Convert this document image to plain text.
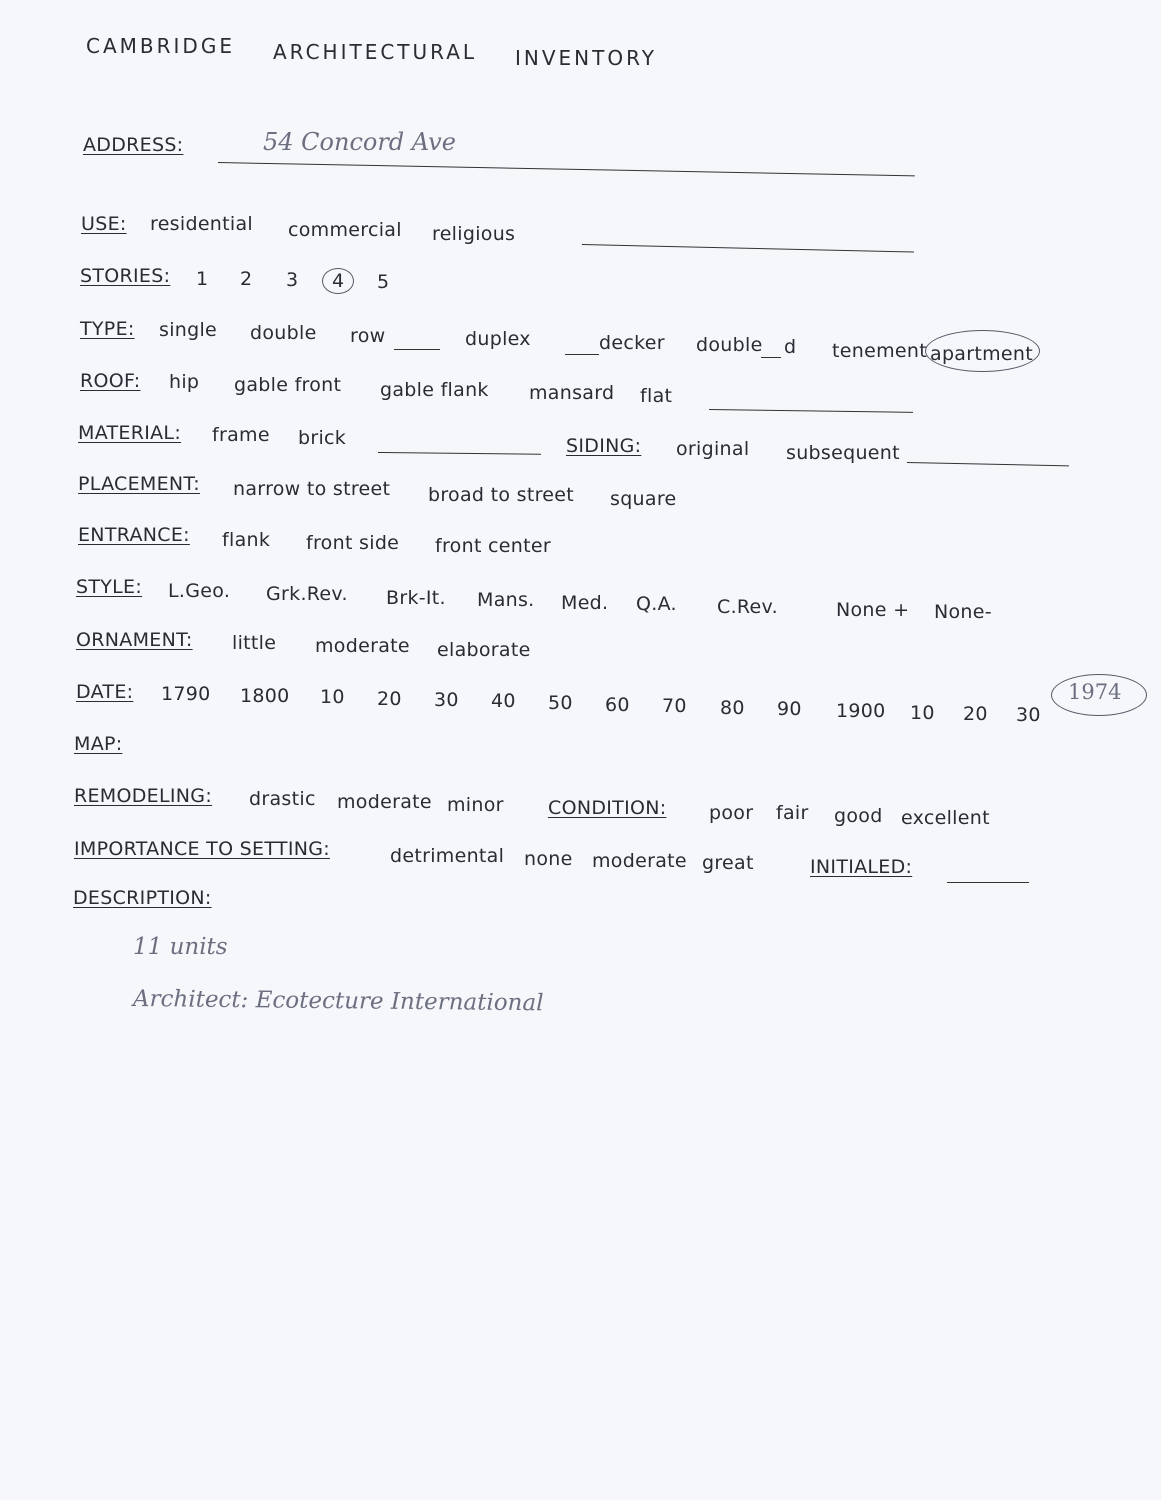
CAMBRIDGE ARCHITECTURAL INVENTORY
ADDRESS:	54 Concord Ave
USE: residential commercial religious
STORIES: 1 2 3 4 5
TYPE: single double row	duplex	decker double d tenement apartment
ROOF: hip gable front gable flank mansard flat
MATERIAL: frame brick	SIDING: original subsequent
PLACEMENT: narrow to street broad to street square
ENTRANCE: flank front side front center
STYLE: L.Geo. Grk.Rev. Brk-It. Mans. Med. Q.A. C.Rev.	None + None-
ORNAMENT: little moderate elaborate
DATE: 1790 1800 10 20 30 40 50 60 70 80 90 1900 10 20 30
1974
MAP:
REMODELING: drastic moderate minor CONDITION: poor fair good excellent
IMPORTANCE TO SETTING:	detrimental none moderate great	INITIALED:
DESCRIPTION:
11 units
Architect: Ecotecture International
